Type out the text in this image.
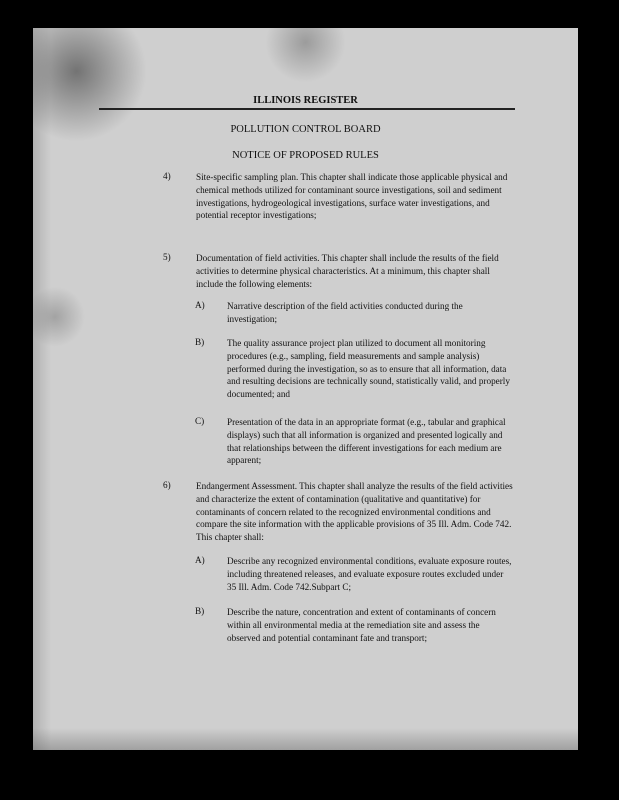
ILLINOIS REGISTER
POLLUTION CONTROL BOARD
NOTICE OF PROPOSED RULES
4)	Site-specific sampling plan. This chapter shall indicate those applicable physical and chemical methods utilized for contaminant source investigations, soil and sediment investigations, hydrogeological investigations, surface water investigations, and potential receptor investigations;

5)	Documentation of field activities. This chapter shall include the results of the field activities to determine physical characteristics. At a minimum, this chapter shall include the following elements:

A) Narrative description of the field activities conducted during the investigation;

B) The quality assurance project plan utilized to document all monitoring procedures (e.g., sampling, field measurements and sample analysis) performed during the investigation, so as to ensure that all information, data and resulting decisions are technically sound, statistically valid, and properly documented; and

C) Presentation of the data in an appropriate format (e.g., tabular and graphical displays) such that all information is organized and presented logically and that relationships between the different investigations for each medium are apparent;

6)	Endangerment Assessment. This chapter shall analyze the results of the field activities and characterize the extent of contamination (qualitative and quantitative) for contaminants of concern related to the recognized environmental conditions and compare the site information with the applicable provisions of 35 Ill. Adm. Code 742. This chapter shall:

A) Describe any recognized environmental conditions, evaluate exposure routes, including threatened releases, and evaluate exposure routes excluded under 35 Ill. Adm. Code 742.Subpart C;

B) Describe the nature, concentration and extent of contaminants of concern within all environmental media at the remediation site and assess the observed and potential contaminant fate and transport;
